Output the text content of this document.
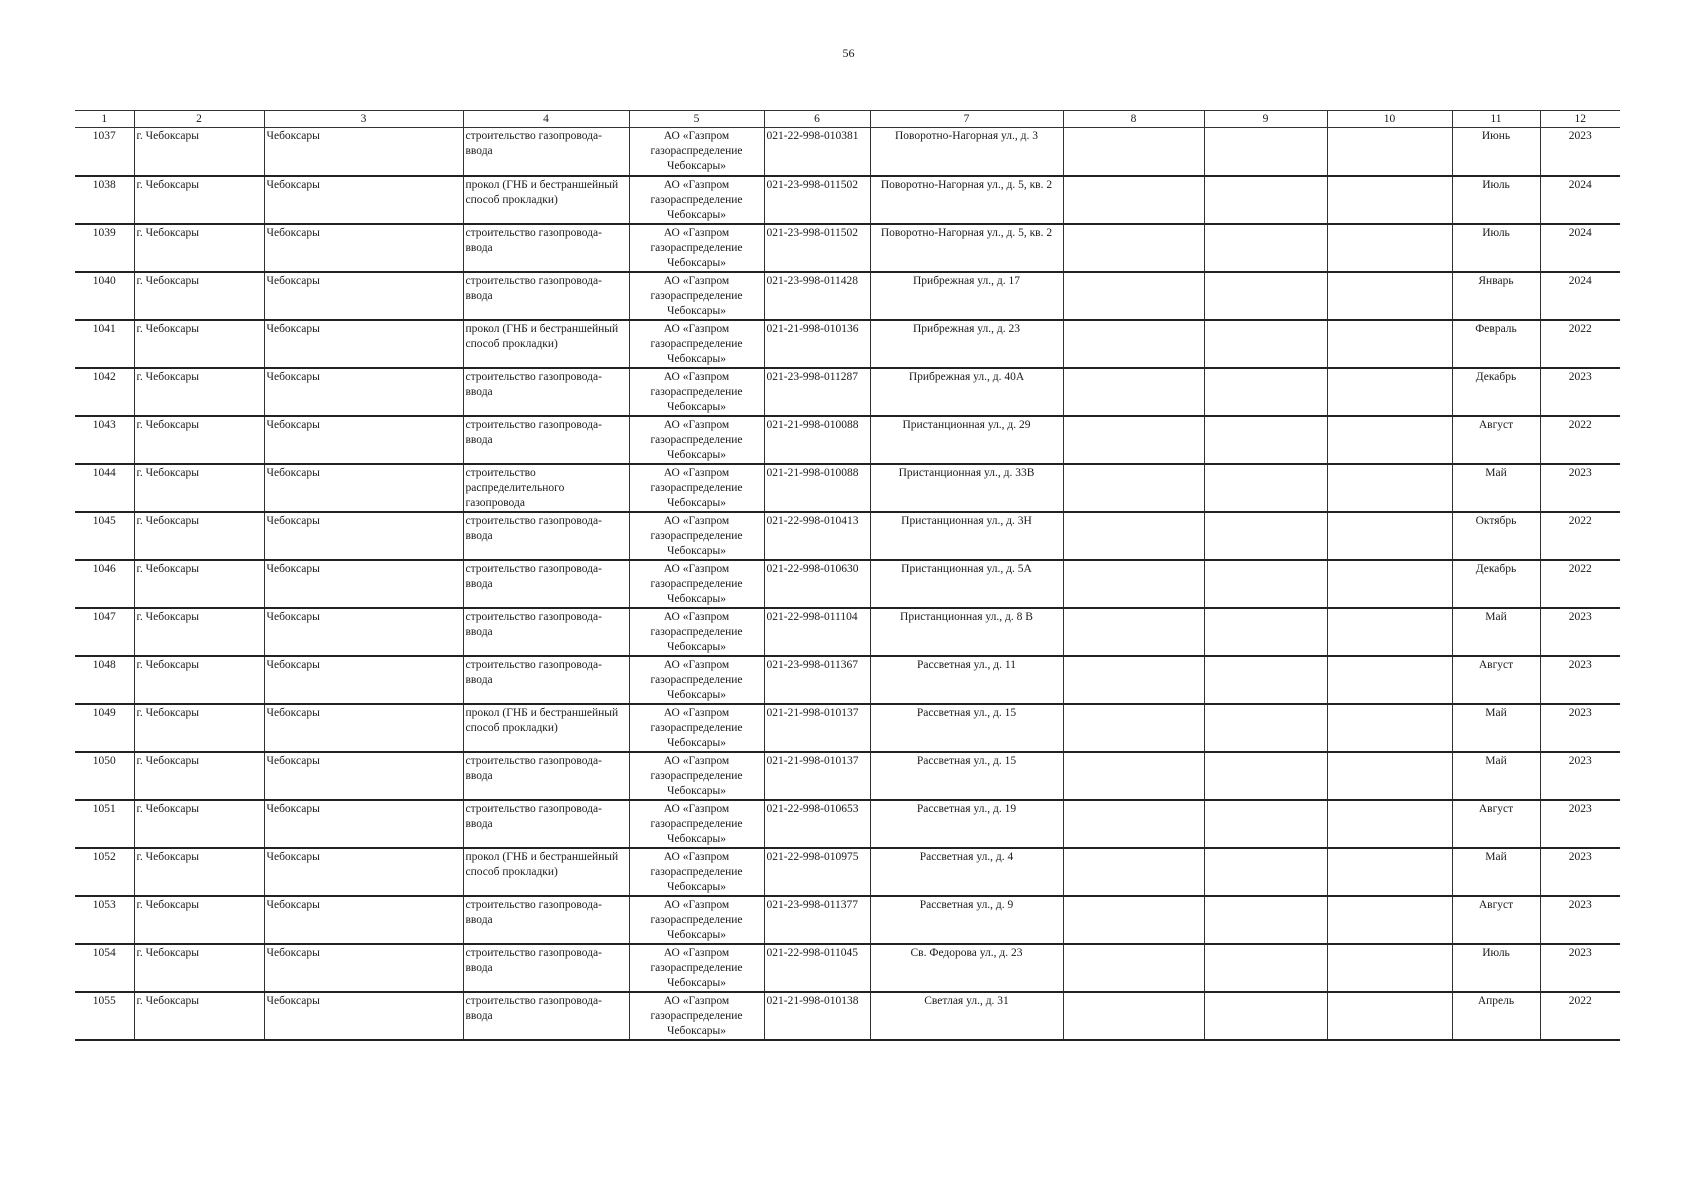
56
1	2	3	4	5	6	7	8	9	10	11	12
1037	г. Чебоксары	Чебоксары	строительство газопровода-ввода	АО «Газпром газораспределение Чебоксары»	021-22-998-010381	Поворотно-Нагорная ул., д. 3				Июнь	2023
1038	г. Чебоксары	Чебоксары	прокол (ГНБ и бестраншейный способ прокладки)	АО «Газпром газораспределение Чебоксары»	021-23-998-011502	Поворотно-Нагорная ул., д. 5, кв. 2				Июль	2024
1039	г. Чебоксары	Чебоксары	строительство газопровода-ввода	АО «Газпром газораспределение Чебоксары»	021-23-998-011502	Поворотно-Нагорная ул., д. 5, кв. 2				Июль	2024
1040	г. Чебоксары	Чебоксары	строительство газопровода-ввода	АО «Газпром газораспределение Чебоксары»	021-23-998-011428	Прибрежная ул., д. 17				Январь	2024
1041	г. Чебоксары	Чебоксары	прокол (ГНБ и бестраншейный способ прокладки)	АО «Газпром газораспределение Чебоксары»	021-21-998-010136	Прибрежная ул., д. 23				Февраль	2022
1042	г. Чебоксары	Чебоксары	строительство газопровода-ввода	АО «Газпром газораспределение Чебоксары»	021-23-998-011287	Прибрежная ул., д. 40А				Декабрь	2023
1043	г. Чебоксары	Чебоксары	строительство газопровода-ввода	АО «Газпром газораспределение Чебоксары»	021-21-998-010088	Пристанционная ул., д. 29				Август	2022
1044	г. Чебоксары	Чебоксары	строительство распределительного газопровода	АО «Газпром газораспределение Чебоксары»	021-21-998-010088	Пристанционная ул., д. 33В				Май	2023
1045	г. Чебоксары	Чебоксары	строительство газопровода-ввода	АО «Газпром газораспределение Чебоксары»	021-22-998-010413	Пристанционная ул., д. 3Н				Октябрь	2022
1046	г. Чебоксары	Чебоксары	строительство газопровода-ввода	АО «Газпром газораспределение Чебоксары»	021-22-998-010630	Пристанционная ул., д. 5А				Декабрь	2022
1047	г. Чебоксары	Чебоксары	строительство газопровода-ввода	АО «Газпром газораспределение Чебоксары»	021-22-998-011104	Пристанционная ул., д. 8 В				Май	2023
1048	г. Чебоксары	Чебоксары	строительство газопровода-ввода	АО «Газпром газораспределение Чебоксары»	021-23-998-011367	Рассветная ул., д. 11				Август	2023
1049	г. Чебоксары	Чебоксары	прокол (ГНБ и бестраншейный способ прокладки)	АО «Газпром газораспределение Чебоксары»	021-21-998-010137	Рассветная ул., д. 15				Май	2023
1050	г. Чебоксары	Чебоксары	строительство газопровода-ввода	АО «Газпром газораспределение Чебоксары»	021-21-998-010137	Рассветная ул., д. 15				Май	2023
1051	г. Чебоксары	Чебоксары	строительство газопровода-ввода	АО «Газпром газораспределение Чебоксары»	021-22-998-010653	Рассветная ул., д. 19				Август	2023
1052	г. Чебоксары	Чебоксары	прокол (ГНБ и бестраншейный способ прокладки)	АО «Газпром газораспределение Чебоксары»	021-22-998-010975	Рассветная ул., д. 4				Май	2023
1053	г. Чебоксары	Чебоксары	строительство газопровода-ввода	АО «Газпром газораспределение Чебоксары»	021-23-998-011377	Рассветная ул., д. 9				Август	2023
1054	г. Чебоксары	Чебоксары	строительство газопровода-ввода	АО «Газпром газораспределение Чебоксары»	021-22-998-011045	Св. Федорова ул., д. 23				Июль	2023
1055	г. Чебоксары	Чебоксары	строительство газопровода-ввода	АО «Газпром газораспределение Чебоксары»	021-21-998-010138	Светлая ул., д. 31				Апрель	2022
